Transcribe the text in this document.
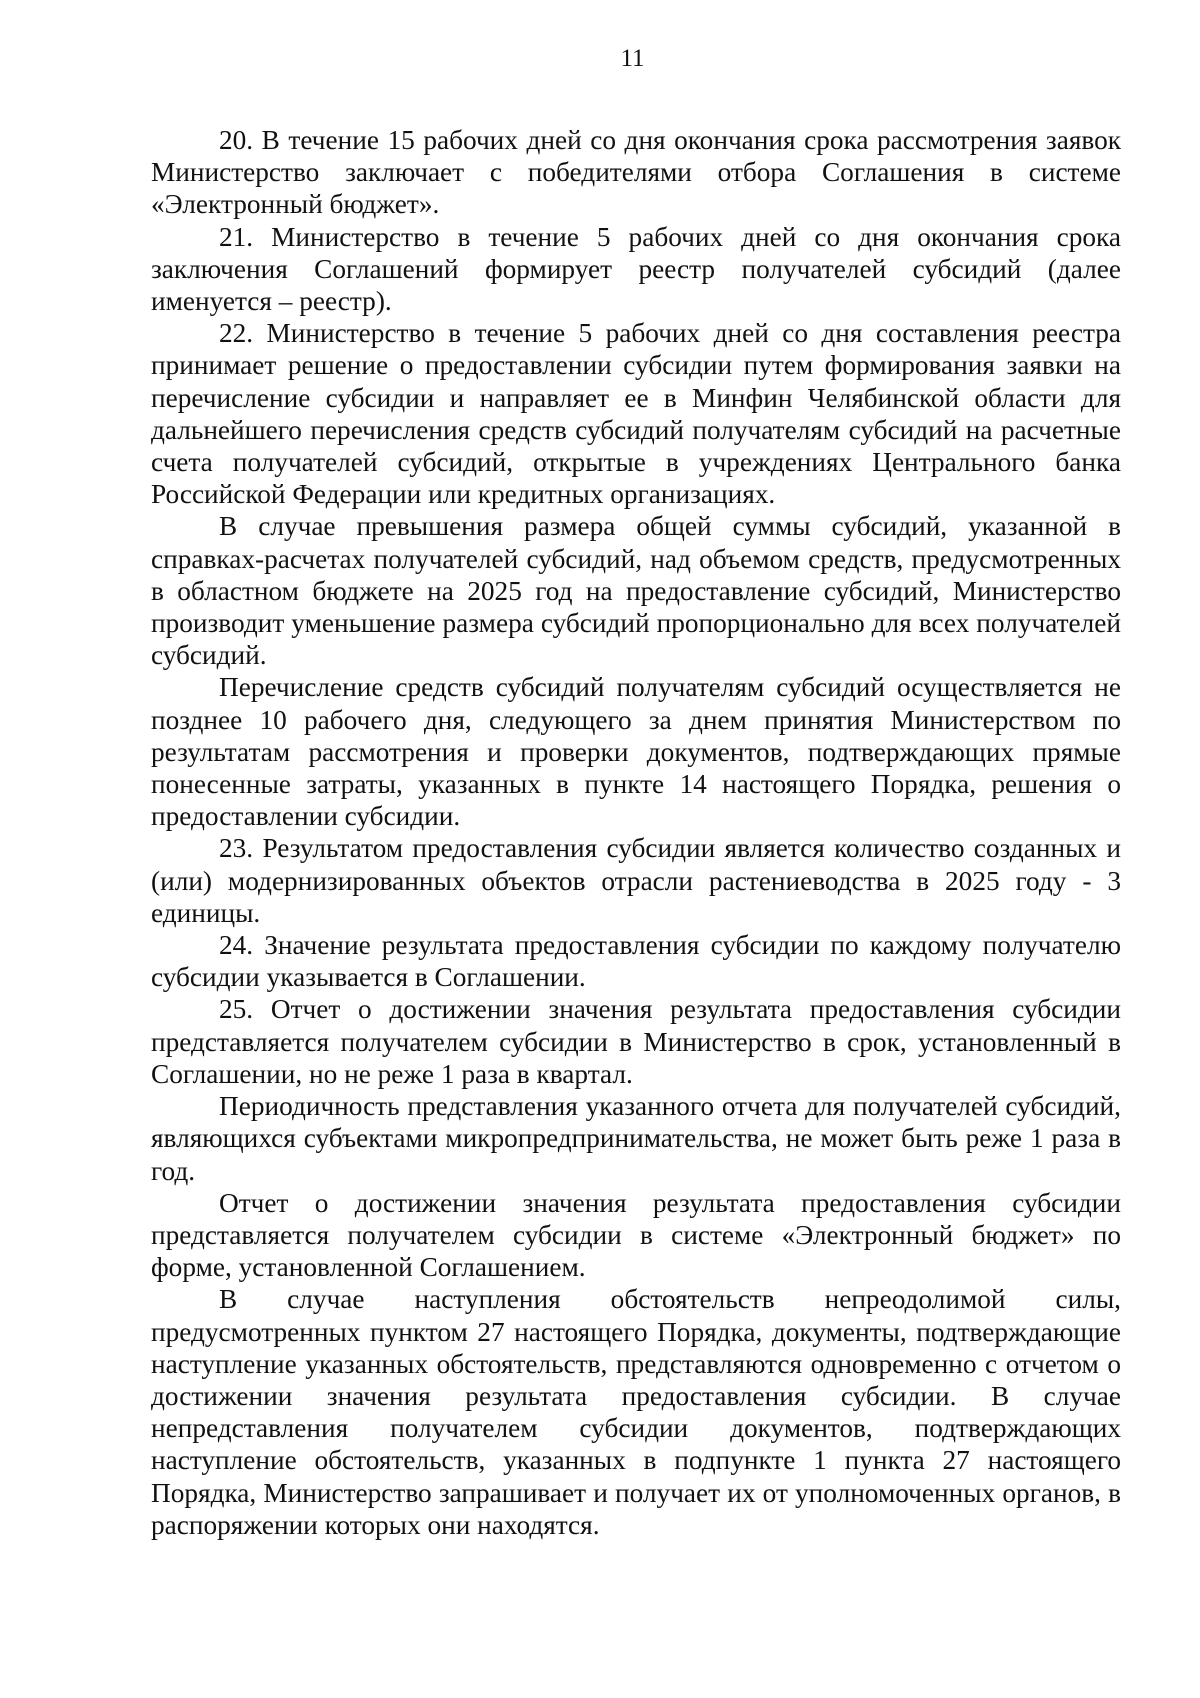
11

20. В течение 15 рабочих дней со дня окончания срока рассмотрения заявок Министерство заключает с победителями отбора Соглашения в системе «Электронный бюджет».

21. Министерство в течение 5 рабочих дней со дня окончания срока заключения Соглашений формирует реестр получателей субсидий (далее именуется – реестр).

22. Министерство в течение 5 рабочих дней со дня составления реестра принимает решение о предоставлении субсидии путем формирования заявки на перечисление субсидии и направляет ее в Минфин Челябинской области для дальнейшего перечисления средств субсидий получателям субсидий на расчетные счета получателей субсидий, открытые в учреждениях Центрального банка Российской Федерации или кредитных организациях.

В случае превышения размера общей суммы субсидий, указанной в справках-расчетах получателей субсидий, над объемом средств, предусмотренных в областном бюджете на 2025 год на предоставление субсидий, Министерство производит уменьшение размера субсидий пропорционально для всех получателей субсидий.

Перечисление средств субсидий получателям субсидий осуществляется не позднее 10 рабочего дня, следующего за днем принятия Министерством по результатам рассмотрения и проверки документов, подтверждающих прямые понесенные затраты, указанных в пункте 14 настоящего Порядка, решения о предоставлении субсидии.

23. Результатом предоставления субсидии является количество созданных и (или) модернизированных объектов отрасли растениеводства в 2025 году - 3 единицы.

24. Значение результата предоставления субсидии по каждому получателю субсидии указывается в Соглашении.

25. Отчет о достижении значения результата предоставления субсидии представляется получателем субсидии в Министерство в срок, установленный в Соглашении, но не реже 1 раза в квартал.

Периодичность представления указанного отчета для получателей субсидий, являющихся субъектами микропредпринимательства, не может быть реже 1 раза в год.

Отчет о достижении значения результата предоставления субсидии представляется получателем субсидии в системе «Электронный бюджет» по форме, установленной Соглашением.

В случае наступления обстоятельств непреодолимой силы, предусмотренных пунктом 27 настоящего Порядка, документы, подтверждающие наступление указанных обстоятельств, представляются одновременно с отчетом о достижении значения результата предоставления субсидии. В случае непредставления получателем субсидии документов, подтверждающих наступление обстоятельств, указанных в подпункте 1 пункта 27 настоящего Порядка, Министерство запрашивает и получает их от уполномоченных органов, в распоряжении которых они находятся.
